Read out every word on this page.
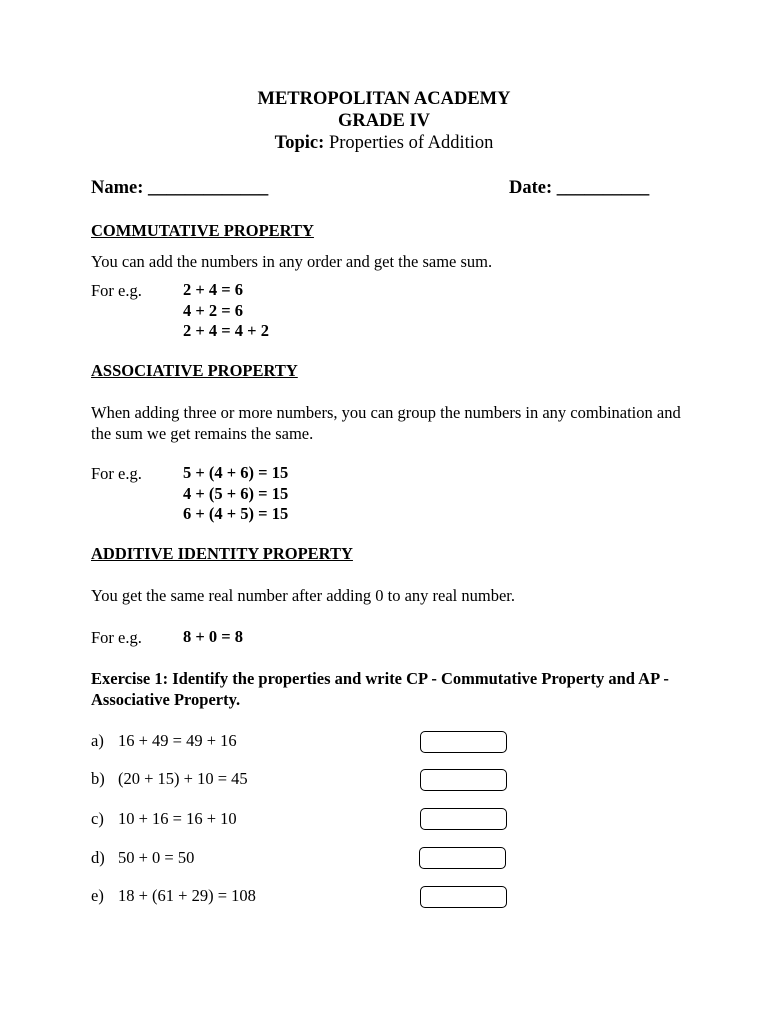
METROPOLITAN ACADEMY
GRADE IV
Topic: Properties of Addition
Name: _____________	Date: __________
COMMUTATIVE PROPERTY
You can add the numbers in any order and get the same sum.
For e.g. 2 + 4 = 6
4 + 2 = 6
2 + 4 = 4 + 2
ASSOCIATIVE PROPERTY
When adding three or more numbers, you can group the numbers in any combination and the sum we get remains the same.
For e.g. 5 + (4 + 6) = 15
4 + (5 + 6) = 15
6 + (4 + 5) = 15
ADDITIVE IDENTITY PROPERTY
You get the same real number after adding 0 to any real number.
For e.g. 8 + 0 = 8
Exercise 1: Identify the properties and write CP - Commutative Property and AP - Associative Property.
a) 16 + 49 = 49 + 16
b) (20 + 15) + 10 = 45
c) 10 + 16 = 16 + 10
d) 50 + 0 = 50
e) 18 + (61 + 29) = 108
